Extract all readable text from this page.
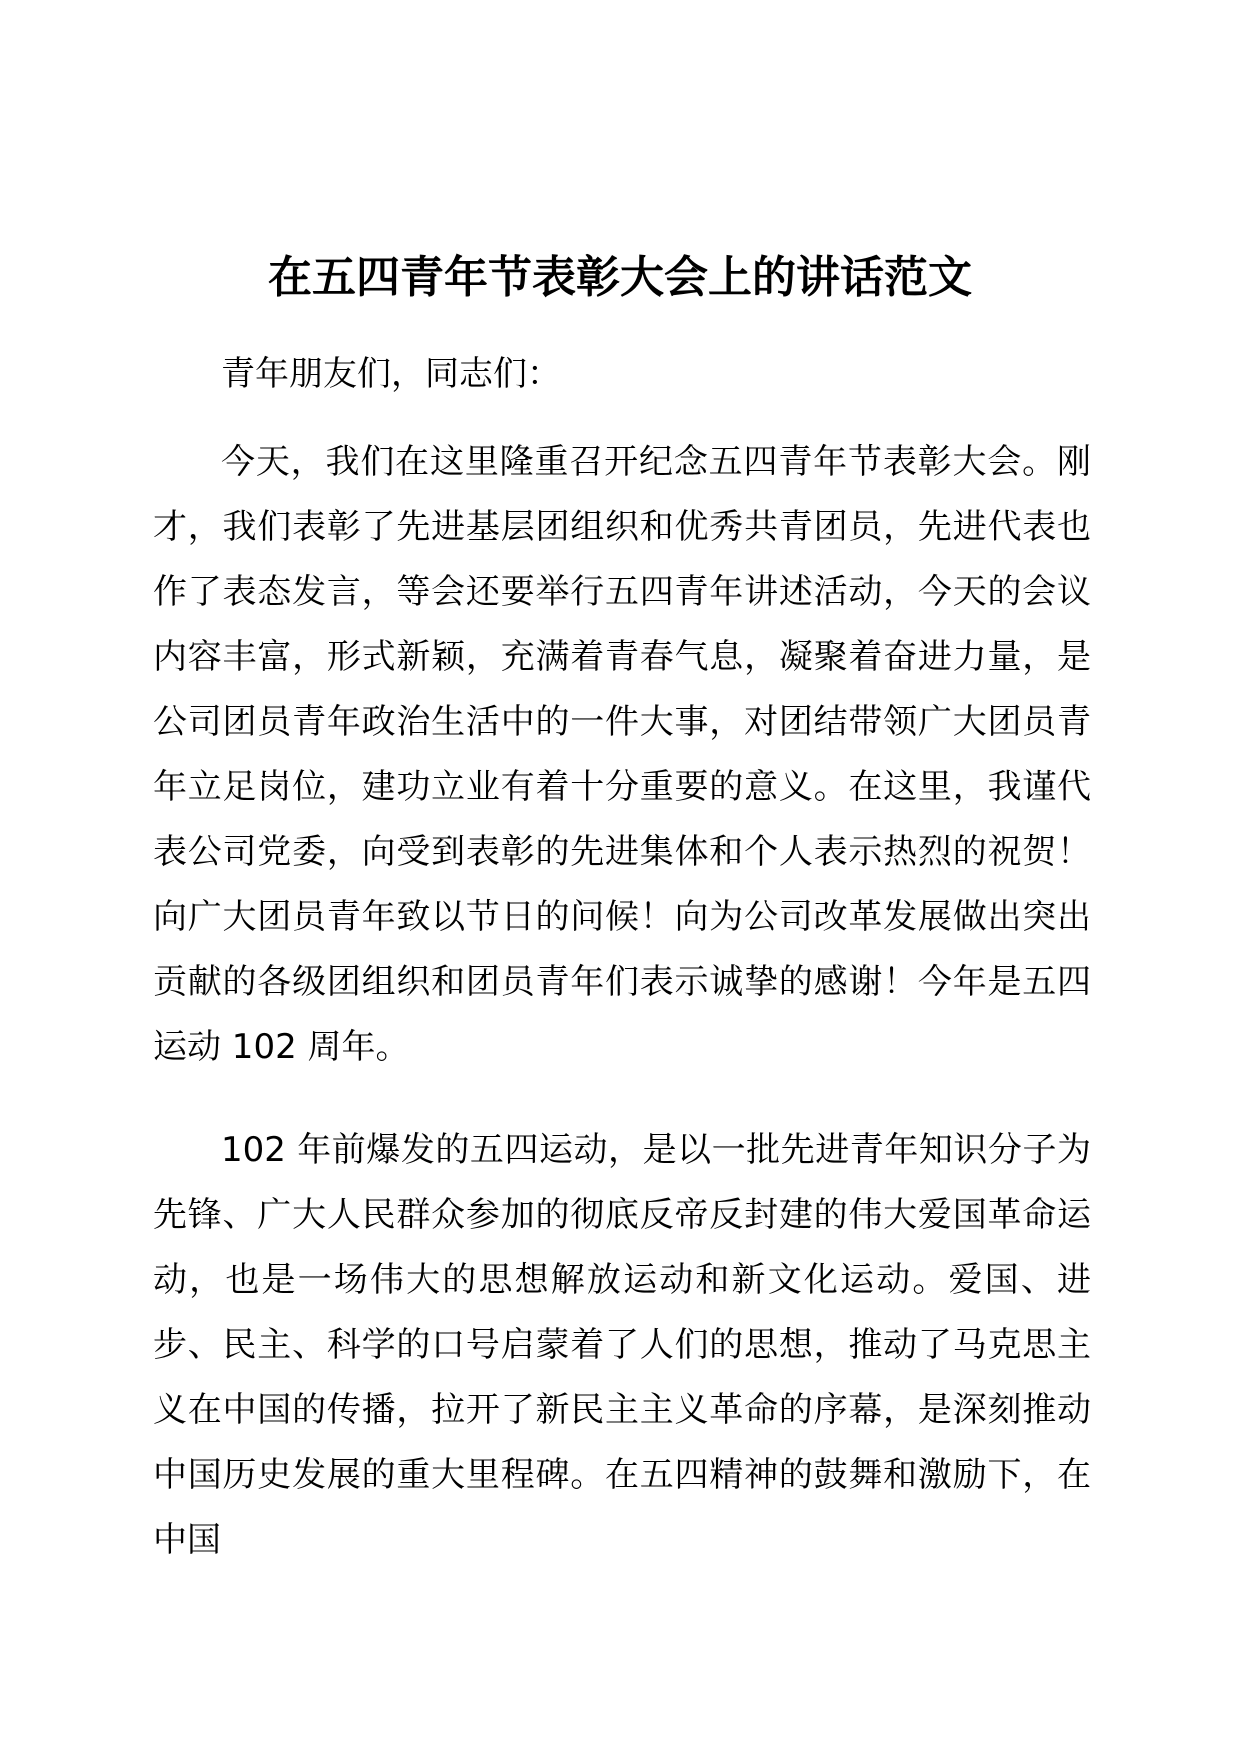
在五四青年节表彰大会上的讲话范文

青年朋友们，同志们：

今天，我们在这里隆重召开纪念五四青年节表彰大会。刚才，我们表彰了先进基层团组织和优秀共青团员，先进代表也作了表态发言，等会还要举行五四青年讲述活动，今天的会议内容丰富，形式新颖，充满着青春气息，凝聚着奋进力量，是公司团员青年政治生活中的一件大事，对团结带领广大团员青年立足岗位，建功立业有着十分重要的意义。在这里，我谨代表公司党委，向受到表彰的先进集体和个人表示热烈的祝贺！向广大团员青年致以节日的问候！向为公司改革发展做出突出贡献的各级团组织和团员青年们表示诚挚的感谢！今年是五四运动 102 周年。

102 年前爆发的五四运动，是以一批先进青年知识分子为先锋、广大人民群众参加的彻底反帝反封建的伟大爱国革命运动，也是一场伟大的思想解放运动和新文化运动。爱国、进步、民主、科学的口号启蒙着了人们的思想，推动了马克思主义在中国的传播，拉开了新民主主义革命的序幕，是深刻推动中国历史发展的重大里程碑。在五四精神的鼓舞和激励下，在中国
